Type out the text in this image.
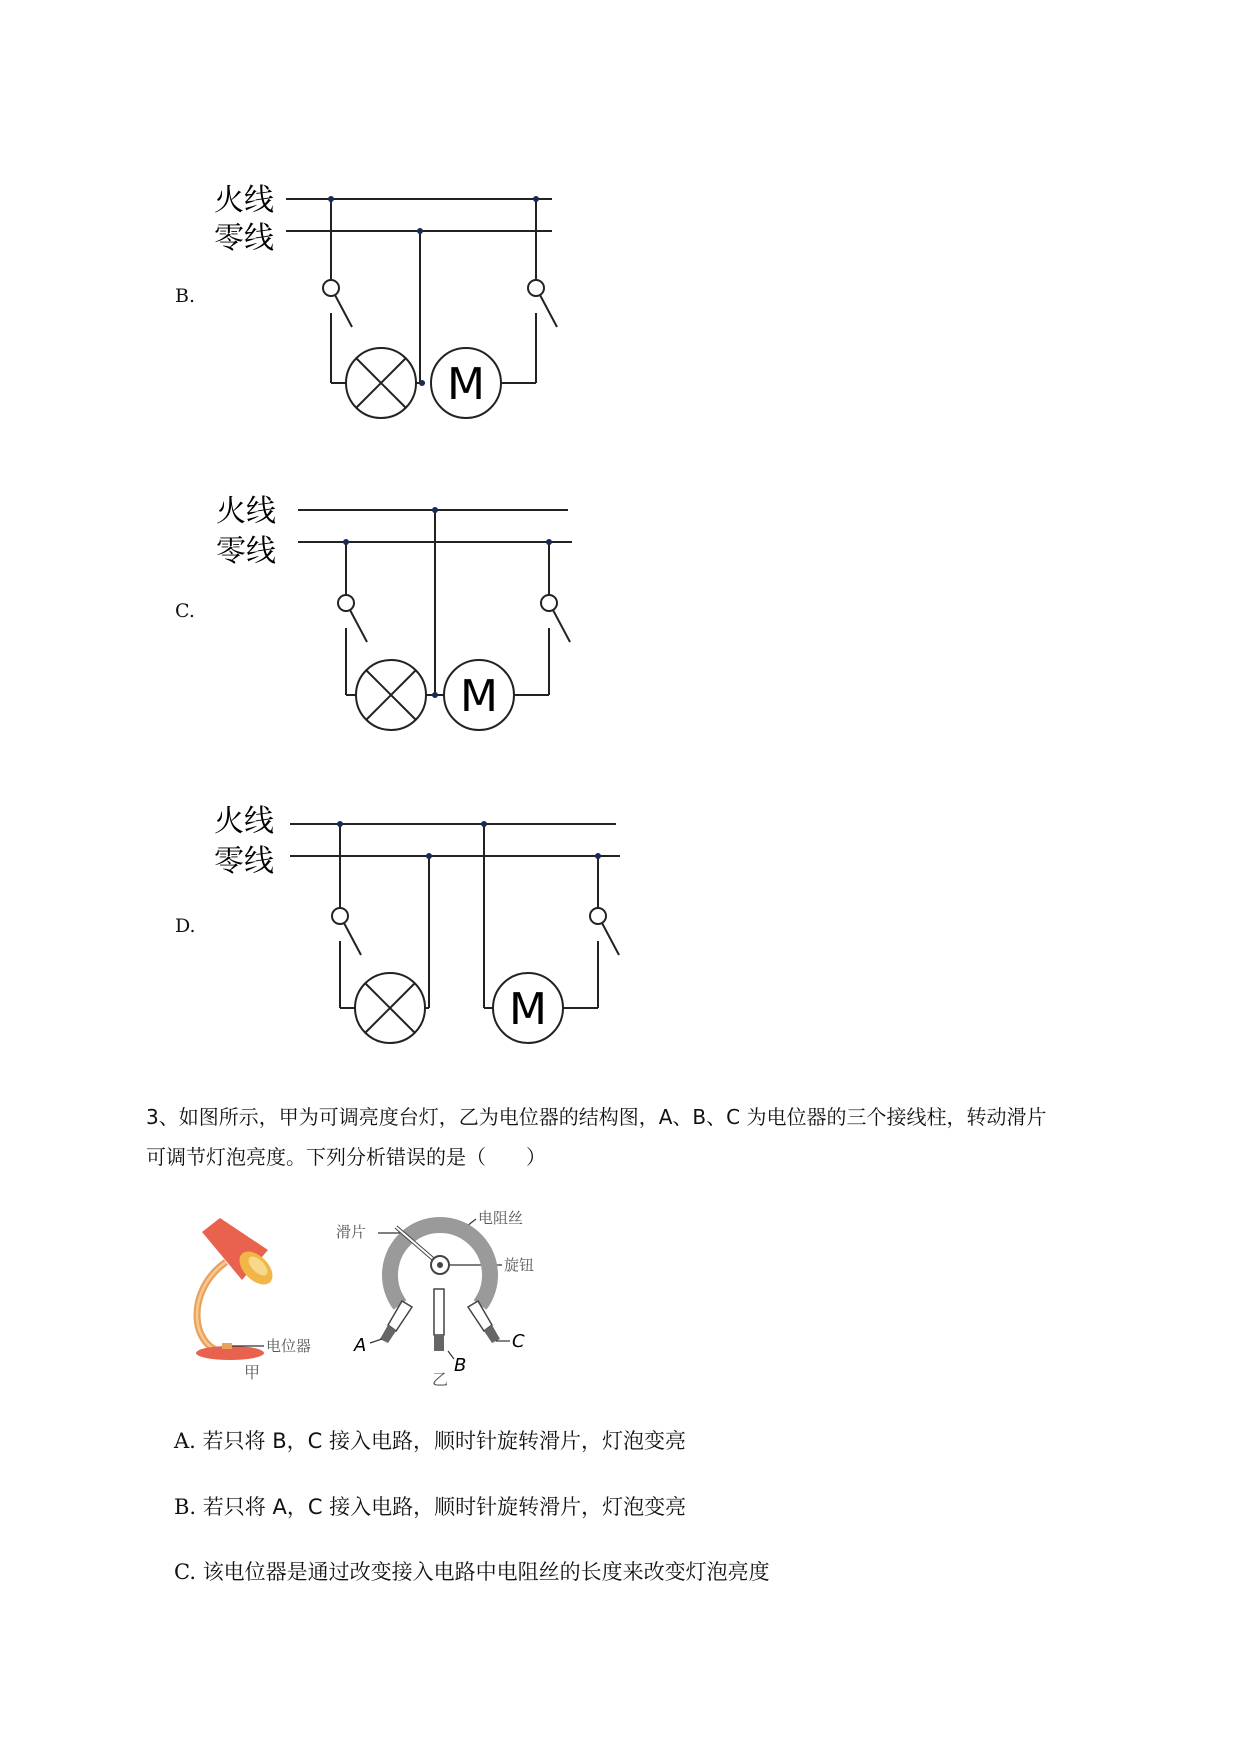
B.
火线
零线
M
C.
火线
零线
M
D.
火线
零线
M
3、如图所示，甲为可调亮度台灯，乙为电位器的结构图，A、B、C 为电位器的三个接线柱，转动滑片
可调节灯泡亮度。下列分析错误的是（　　）
电位器
甲
滑片
电阻丝
旋钮
A
B
C
乙
A. 若只将 B，C 接入电路，顺时针旋转滑片，灯泡变亮
B. 若只将 A，C 接入电路，顺时针旋转滑片，灯泡变亮
C. 该电位器是通过改变接入电路中电阻丝的长度来改变灯泡亮度
